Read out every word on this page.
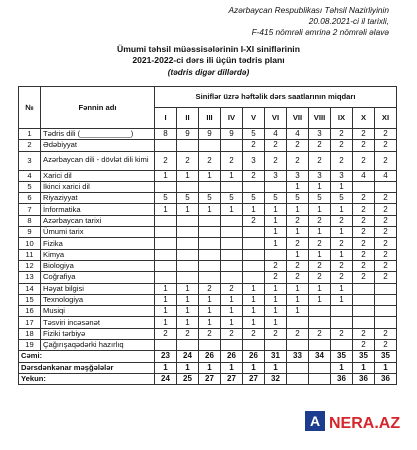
Azərbaycan Respublikası Təhsil Nazirliyinin
20.08.2021-ci il tarixli,
F-415 nömrəli əmrinə 2 nömrəli əlavə
Ümumi təhsil müəssisələrinin I-XI siniflərinin
2021-2022-ci dərs ili üçün tədris planı
(tədris digər dillərdə)
№	Fənnin adı	Siniflər üzrə həftəlik dərs saatlarının miqdarı										
		I	II	III	IV	V	VI	VII	VIII	IX	X	XI
1	Tədris dili (____________)	8	9	9	9	5	4	4	3	2	2	2
2	Ədəbiyyat					2	2	2	2	2	2	2
3	Azərbaycan dili - dövlət dili kimi	2	2	2	2	3	2	2	2	2	2	2
4	Xarici dil	1	1	1	1	2	3	3	3	3	4	4
5	İkinci xarici dil							1	1	1		
6	Riyaziyyat	5	5	5	5	5	5	5	5	5	2	2
7	İnformatika	1	1	1	1	1	1	1	1	1	2	2
8	Azərbaycan tarixi					2	1	2	2	2	2	2
9	Ümumi tarix						1	1	1	1	2	2
10	Fizika						1	2	2	2	2	2
11	Kimya							1	1	1	2	2
12	Biologiya						2	2	2	2	2	2
13	Coğrafiya						2	2	2	2	2	2
14	Həyat bilgisi	1	1	2	2	1	1	1	1	1		
15	Texnologiya	1	1	1	1	1	1	1	1	1		
16	Musiqi	1	1	1	1	1	1	1				
17	Təsviri incəsənət	1	1	1	1	1	1					
18	Fiziki tərbiyə	2	2	2	2	2	2	2	2	2	2	2
19	Çağırışaqədərki hazırlıq										2	2
Cəmi:		23	24	26	26	26	31	33	34	35	35	35
Dərsdənkənar məşğələlər		1	1	1	1	1	1			1	1	1
Yekun:		24	25	27	27	27	32			36	36	36
A NERA.AZ
